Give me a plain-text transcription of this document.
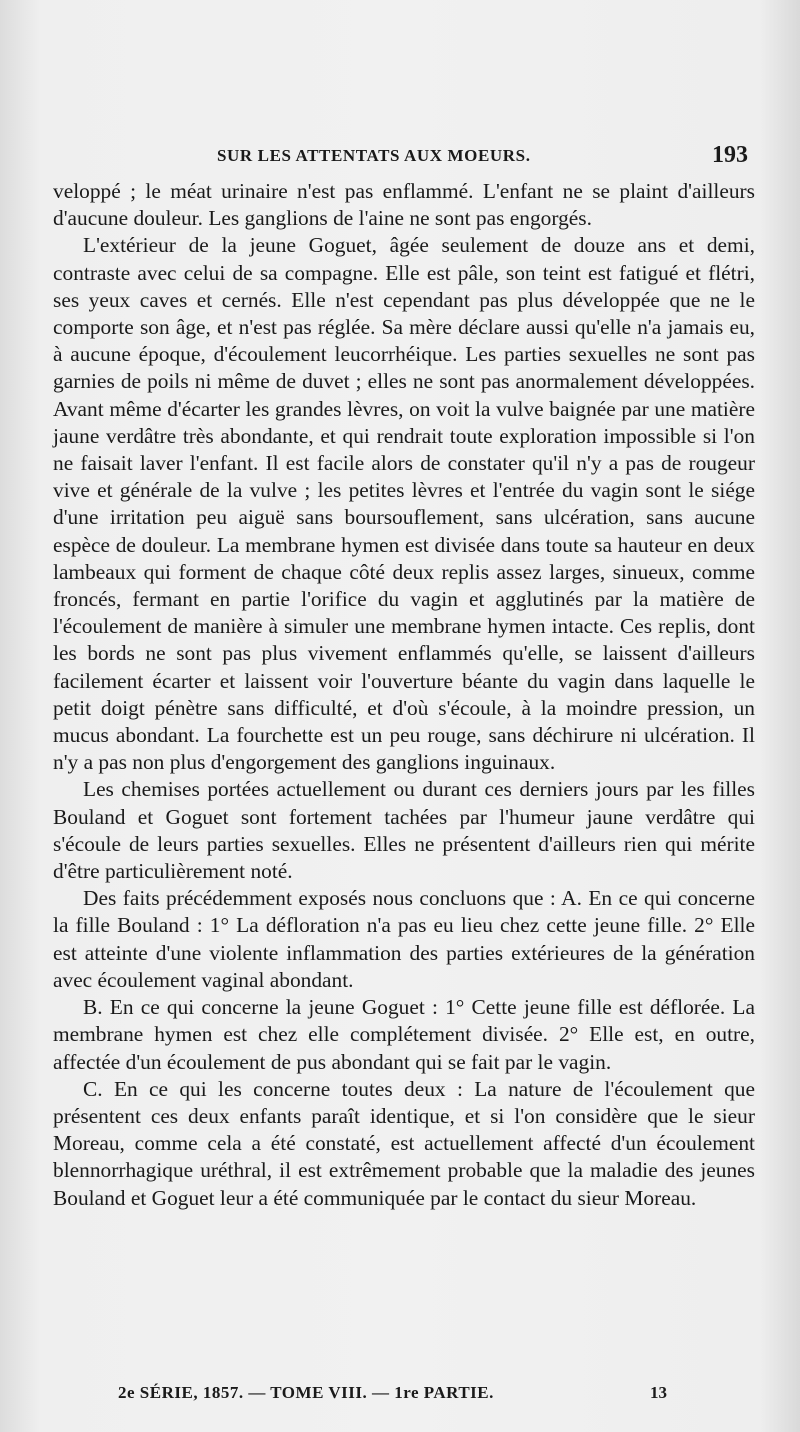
SUR LES ATTENTATS AUX MOEURS.	193

veloppé ; le méat urinaire n'est pas enflammé. L'enfant ne se plaint d'ailleurs d'aucune douleur. Les ganglions de l'aine ne sont pas engorgés.

L'extérieur de la jeune Goguet, âgée seulement de douze ans et demi, contraste avec celui de sa compagne. Elle est pâle, son teint est fatigué et flétri, ses yeux caves et cernés. Elle n'est cependant pas plus développée que ne le comporte son âge, et n'est pas réglée. Sa mère déclare aussi qu'elle n'a jamais eu, à aucune époque, d'écoulement leucorrhéique. Les parties sexuelles ne sont pas garnies de poils ni même de duvet ; elles ne sont pas anormalement développées. Avant même d'écarter les grandes lèvres, on voit la vulve baignée par une matière jaune verdâtre très abondante, et qui rendrait toute exploration impossible si l'on ne faisait laver l'enfant. Il est facile alors de constater qu'il n'y a pas de rougeur vive et générale de la vulve ; les petites lèvres et l'entrée du vagin sont le siége d'une irritation peu aiguë sans boursouflement, sans ulcération, sans aucune espèce de douleur. La membrane hymen est divisée dans toute sa hauteur en deux lambeaux qui forment de chaque côté deux replis assez larges, sinueux, comme froncés, fermant en partie l'orifice du vagin et agglutinés par la matière de l'écoulement de manière à simuler une membrane hymen intacte. Ces replis, dont les bords ne sont pas plus vivement enflammés qu'elle, se laissent d'ailleurs facilement écarter et laissent voir l'ouverture béante du vagin dans laquelle le petit doigt pénètre sans difficulté, et d'où s'écoule, à la moindre pression, un mucus abondant. La fourchette est un peu rouge, sans déchirure ni ulcération. Il n'y a pas non plus d'engorgement des ganglions inguinaux.

Les chemises portées actuellement ou durant ces derniers jours par les filles Bouland et Goguet sont fortement tachées par l'humeur jaune verdâtre qui s'écoule de leurs parties sexuelles. Elles ne présentent d'ailleurs rien qui mérite d'être particulièrement noté.

Des faits précédemment exposés nous concluons que : A. En ce qui concerne la fille Bouland : 1° La défloration n'a pas eu lieu chez cette jeune fille. 2° Elle est atteinte d'une violente inflammation des parties extérieures de la génération avec écoulement vaginal abondant.

B. En ce qui concerne la jeune Goguet : 1° Cette jeune fille est déflorée. La membrane hymen est chez elle complétement divisée. 2° Elle est, en outre, affectée d'un écoulement de pus abondant qui se fait par le vagin.

C. En ce qui les concerne toutes deux : La nature de l'écoulement que présentent ces deux enfants paraît identique, et si l'on considère que le sieur Moreau, comme cela a été constaté, est actuellement affecté d'un écoulement blennorrhagique uréthral, il est extrêmement probable que la maladie des jeunes Bouland et Goguet leur a été communiquée par le contact du sieur Moreau.

2e SÉRIE, 1857. — TOME VIII. — 1re PARTIE.	13
